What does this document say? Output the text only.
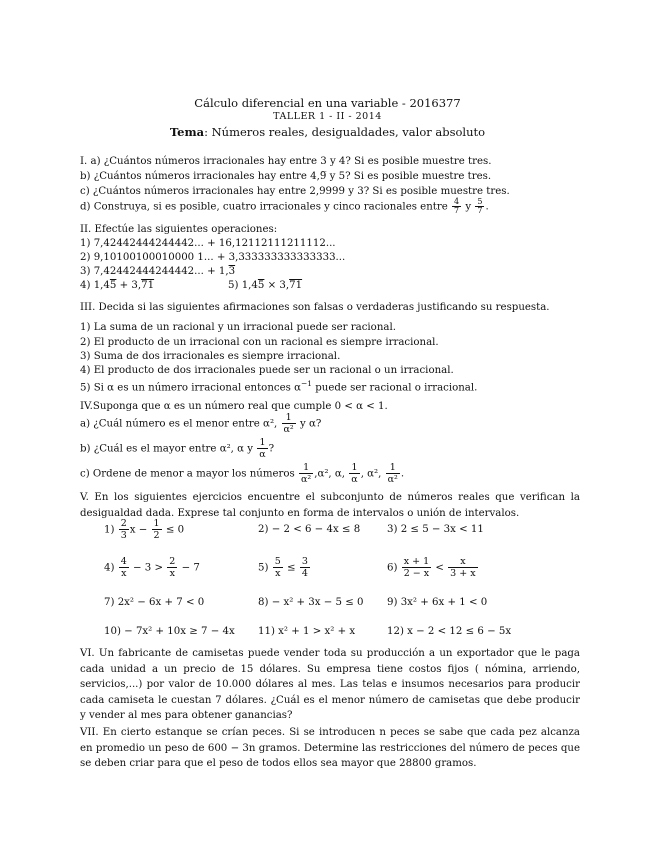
Cálculo diferencial en una variable - 2016377
TALLER 1 - II - 2014
Tema: Números reales, desigualdades, valor absoluto
I. a) ¿Cuántos números irracionales hay entre 3 y 4? Si es posible muestre tres.
b) ¿Cuántos números irracionales hay entre 4,9̅ y 5? Si es posible muestre tres.
c) ¿Cuántos números irracionales hay entre 2,9999 y 3? Si es posible muestre tres.
d) Construya, si es posible, cuatro irracionales y cinco racionales entre $\frac{4}{7}$ y $\frac{5}{7}$ .
II. Efectúe las siguientes operaciones:
1) 7,42442444244442... + 16,12112111211112...
2) 9,10100100010000 1... + 3,333333333333333...
3) 7,42442444244442... + 1,3
4) 1,45 + 3,71	5) 1,45 × 3,71
III. Decida si las siguientes afirmaciones son falsas o verdaderas justificando su respuesta.
1) La suma de un racional y un irracional puede ser racional.
2) El producto de un irracional con un racional es siempre irracional.
3) Suma de dos irracionales es siempre irracional.
4) El producto de dos irracionales puede ser un racional o un irracional.
5) Si α es un número irracional entonces $\alpha^{-1}$ puede ser racional o irracional.
IV.Suponga que α es un número real que cumple 0 < α < 1.
a) ¿Cuál número es el menor entre α², $\frac{1}{\text{α²}}$ y α?
b) ¿Cuál es el mayor entre α², α y $\frac{1}{\alpha}$ ?
c) Ordene de menor a mayor los números $\frac{1}{\text{α²}} ,\alpha^2$, α, $\frac{1}{\alpha}$ , α², $\frac{1}{\text{α²}}$ .
V. En los siguientes ejercicios encuentre el subconjunto de números reales que verifican la desigualdad dada. Exprese tal conjunto en forma de intervalos o unión de intervalos.
$1) \frac{2}{3}$ $x - \frac{1}{2} \le 0$	2) − 2 < 6 − 4x ≤ 8	3) 2 ≤ 5 − 3x < 11
$4) \frac{4}{x} - 3 > \frac{2}{x} - 7$	$5) \frac{5}{x} \le \frac{3}{4}$	$6) \frac{x + 1}{2 - x} < \frac{x}{3 + x}$
7) 2x² − 6x + 7 < 0	8) − x² + 3x − 5 ≤ 0 9) 3x² + 6x + 1 < 0
10) − 7x² + 10x ≥ 7 − 4x 11) x² + 1 > x² + x	12) x − 2 < 12 ≤ 6 − 5x
VI. Un fabricante de camisetas puede vender toda su producción a un exportador que le paga cada unidad a un precio de 15 dólares. Su empresa tiene costos fijos ( nómina, arriendo, servicios,...) por valor de 10.000 dólares al mes. Las telas e insumos necesarios para producir cada camiseta le cuestan 7 dólares. ¿Cuál es el menor número de camisetas que debe producir y vender al mes para obtener ganancias?
VII. En cierto estanque se crían peces. Si se introducen n peces se sabe que cada pez alcanza en promedio un peso de 600 − 3n gramos. Determine las restricciones del número de peces que se deben criar para que el peso de todos ellos sea mayor que 28800 gramos.
